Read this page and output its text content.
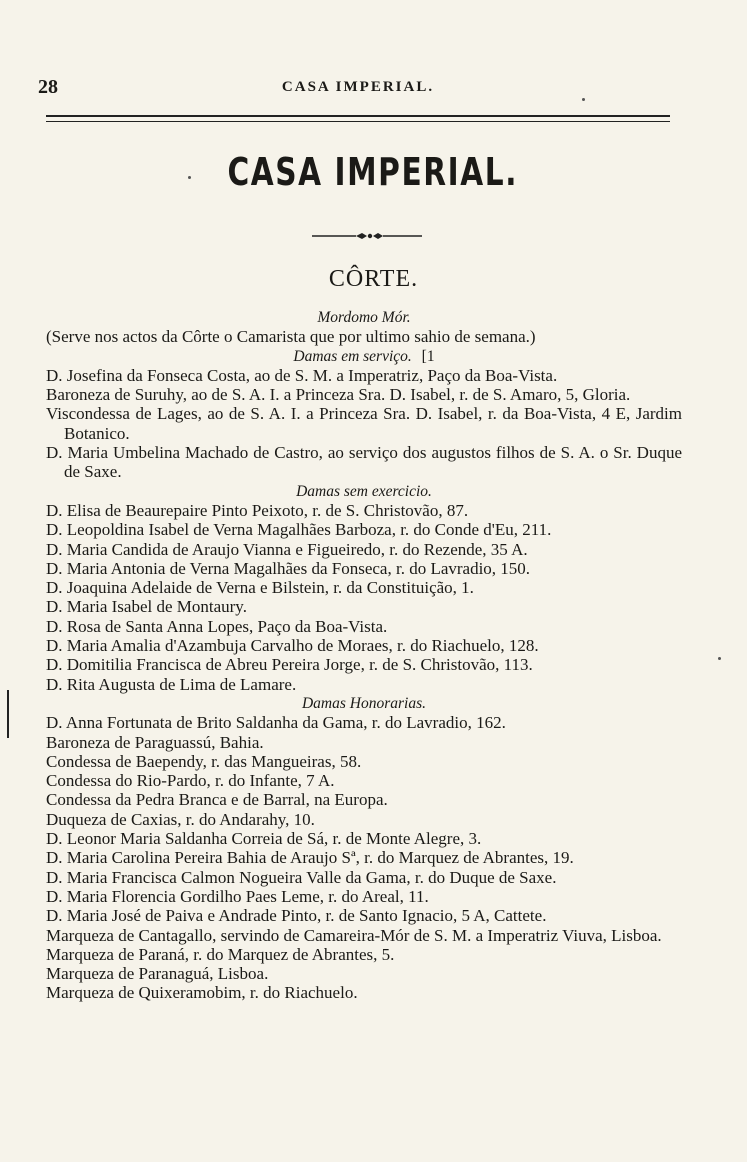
28	CASA IMPERIAL.
CASA IMPERIAL.
CÔRTE.
Mordomo Mór.
(Serve nos actos da Côrte o Camarista que por ultimo sahio de semana.)
Damas em serviço. [1
D. Josefina da Fonseca Costa, ao de S. M. a Imperatriz, Paço da Boa-Vista.
Baroneza de Suruhy, ao de S. A. I. a Princeza Sra. D. Isabel, r. de S. Amaro, 5, Gloria.
Viscondessa de Lages, ao de S. A. I. a Princeza Sra. D. Isabel, r. da Boa-Vista, 4 E, Jardim Botanico.
D. Maria Umbelina Machado de Castro, ao serviço dos augustos filhos de S. A. o Sr. Duque de Saxe.
Damas sem exercicio.
D. Elisa de Beaurepaire Pinto Peixoto, r. de S. Christovão, 87.
D. Leopoldina Isabel de Verna Magalhães Barboza, r. do Conde d'Eu, 211.
D. Maria Candida de Araujo Vianna e Figueiredo, r. do Rezende, 35 A.
D. Maria Antonia de Verna Magalhães da Fonseca, r. do Lavradio, 150.
D. Joaquina Adelaide de Verna e Bilstein, r. da Constituição, 1.
D. Maria Isabel de Montaury.
D. Rosa de Santa Anna Lopes, Paço da Boa-Vista.
D. Maria Amalia d'Azambuja Carvalho de Moraes, r. do Riachuelo, 128.
D. Domitilia Francisca de Abreu Pereira Jorge, r. de S. Christovão, 113.
D. Rita Augusta de Lima de Lamare.
Damas Honorarias.
D. Anna Fortunata de Brito Saldanha da Gama, r. do Lavradio, 162.
Baroneza de Paraguassú, Bahia.
Condessa de Baependy, r. das Mangueiras, 58.
Condessa do Rio-Pardo, r. do Infante, 7 A.
Condessa da Pedra Branca e de Barral, na Europa.
Duqueza de Caxias, r. do Andarahy, 10.
D. Leonor Maria Saldanha Correia de Sá, r. de Monte Alegre, 3.
D. Maria Carolina Pereira Bahia de Araujo Sª, r. do Marquez de Abrantes, 19.
D. Maria Francisca Calmon Nogueira Valle da Gama, r. do Duque de Saxe.
D. Maria Florencia Gordilho Paes Leme, r. do Areal, 11.
D. Maria José de Paiva e Andrade Pinto, r. de Santo Ignacio, 5 A, Cattete.
Marqueza de Cantagallo, servindo de Camareira-Mór de S. M. a Imperatriz Viuva, Lisboa.
Marqueza de Paraná, r. do Marquez de Abrantes, 5.
Marqueza de Paranaguá, Lisboa.
Marqueza de Quixeramobim, r. do Riachuelo.
